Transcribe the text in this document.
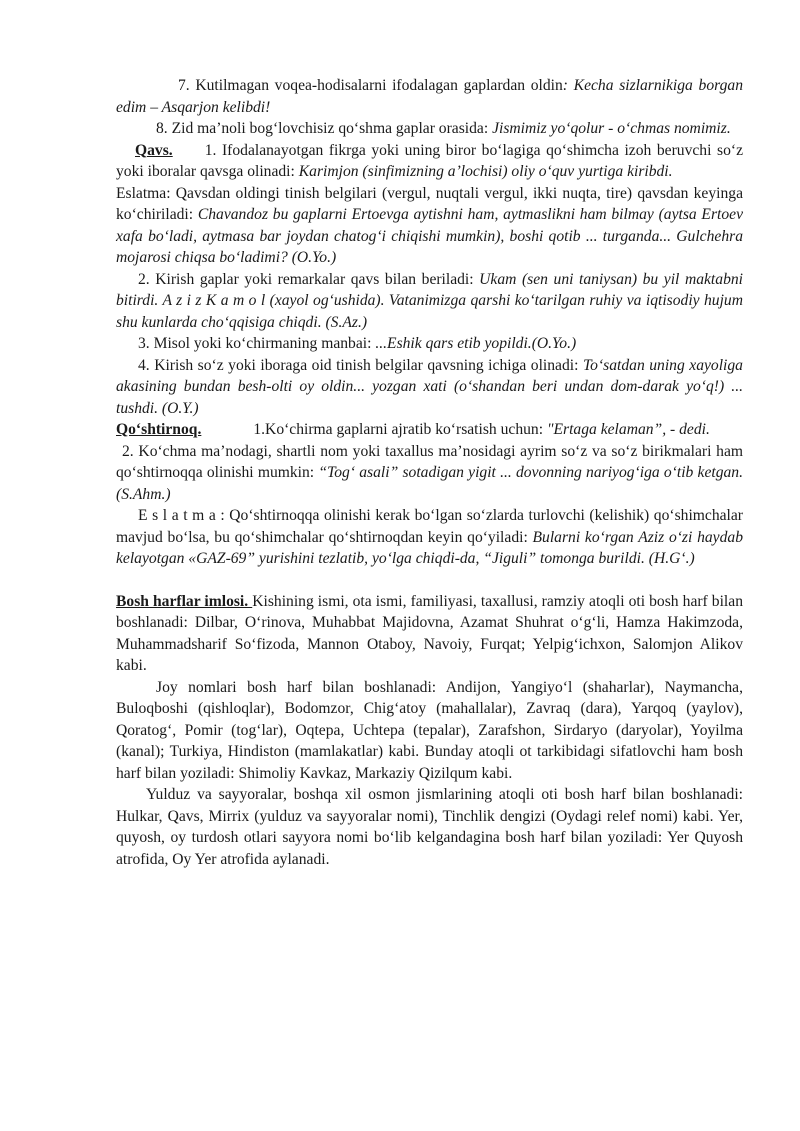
7. Kutilmagan voqea-hodisalarni ifodalagan gaplardan oldin: Kecha sizlarnikiga borgan edim – Asqarjon kelibdi!

8. Zid ma’noli bog‘lovchisiz qo‘shma gaplar orasida: Jismimiz yo‘qolur - o‘chmas nomimiz.

Qavs. 1. Ifodalanayotgan fikrga yoki uning biror bo‘lagiga qo‘shimcha izoh beruvchi so‘z yoki iboralar qavsga olinadi: Karimjon (sinfimizning a’lochisi) oliy o‘quv yurtiga kiribdi.

Eslatma: Qavsdan oldingi tinish belgilari (vergul, nuqtali vergul, ikki nuqta, tire) qavsdan keyinga ko‘chiriladi: Chavandoz bu gaplarni Ertoevga aytishni ham, aytmaslikni ham bilmay (aytsa Ertoev xafa bo‘ladi, aytmasa bar joydan chatog‘i chiqishi mumkin), boshi qotib ... turganda... Gulchehra mojarosi chiqsa bo‘ladimi? (O.Yo.)

2. Kirish gaplar yoki remarkalar qavs bilan beriladi: Ukam (sen uni taniysan) bu yil maktabni bitirdi. A z i z K a m o l (xayol og‘ushida). Vatanimizga qarshi ko‘tarilgan ruhiy va iqtisodiy hujum shu kunlarda cho‘qqisiga chiqdi. (S.Az.)

3. Misol yoki ko‘chirmaning manbai: ...Eshik qars etib yopildi.(O.Yo.)

4. Kirish so‘z yoki iboraga oid tinish belgilar qavsning ichiga olinadi: To‘satdan uning xayoliga akasining bundan besh-olti oy oldin... yozgan xati (o‘shandan beri undan dom-darak yo‘q!) ... tushdi. (O.Y.)

Qo‘shtirnoq.	1.Ko‘chirma gaplarni ajratib ko‘rsatish uchun: "Ertaga kelaman”, - dedi.

2. Ko‘chma ma’nodagi, shartli nom yoki taxallus ma’nosidagi ayrim so‘z va so‘z birikmalari ham qo‘shtirnoqqa olinishi mumkin: “Tog‘ asali” sotadigan yigit ... dovonning nariyog‘iga o‘tib ketgan. (S.Ahm.)

E s l a t m a : Qo‘shtirnoqqa olinishi kerak bo‘lgan so‘zlarda turlovchi (kelishik) qo‘shimchalar mavjud bo‘lsa, bu qo‘shimchalar qo‘shtirnoqdan keyin qo‘yiladi: Bularni ko‘rgan Aziz o‘zi haydab kelayotgan «GAZ-69” yurishini tezlatib, yo‘lga chiqdi-da, “Jiguli” tomonga burildi. (H.G‘.)

Bosh harflar imlosi. Kishining ismi, ota ismi, familiyasi, taxallusi, ramziy atoqli oti bosh harf bilan boshlanadi: Dilbar, O‘rinova, Muhabbat Majidovna, Azamat Shuhrat o‘g‘li, Hamza Hakimzoda, Muhammadsharif So‘fizoda, Mannon Otaboy, Navoiy, Furqat; Yelpig‘ichxon, Salomjon Alikov kabi.

Joy nomlari bosh harf bilan boshlanadi: Andijon, Yangiyo‘l (shaharlar), Naymancha, Buloqboshi (qishloqlar), Bodomzor, Chig‘atoy (mahallalar), Zavraq (dara), Yarqoq (yaylov), Qoratog‘, Pomir (tog‘lar), Oqtepa, Uchtepa (tepalar), Zarafshon, Sirdaryo (daryolar), Yoyilma (kanal); Turkiya, Hindiston (mamlakatlar) kabi. Bunday atoqli ot tarkibidagi sifatlovchi ham bosh harf bilan yoziladi: Shimoliy Kavkaz, Markaziy Qizilqum kabi.

Yulduz va sayyoralar, boshqa xil osmon jismlarining atoqli oti bosh harf bilan boshlanadi: Hulkar, Qavs, Mirrix (yulduz va sayyoralar nomi), Tinchlik dengizi (Oydagi relef nomi) kabi. Yer, quyosh, oy turdosh otlari sayyora nomi bo‘lib kelgandagina bosh harf bilan yoziladi: Yer Quyosh atrofida, Oy Yer atrofida aylanadi.
